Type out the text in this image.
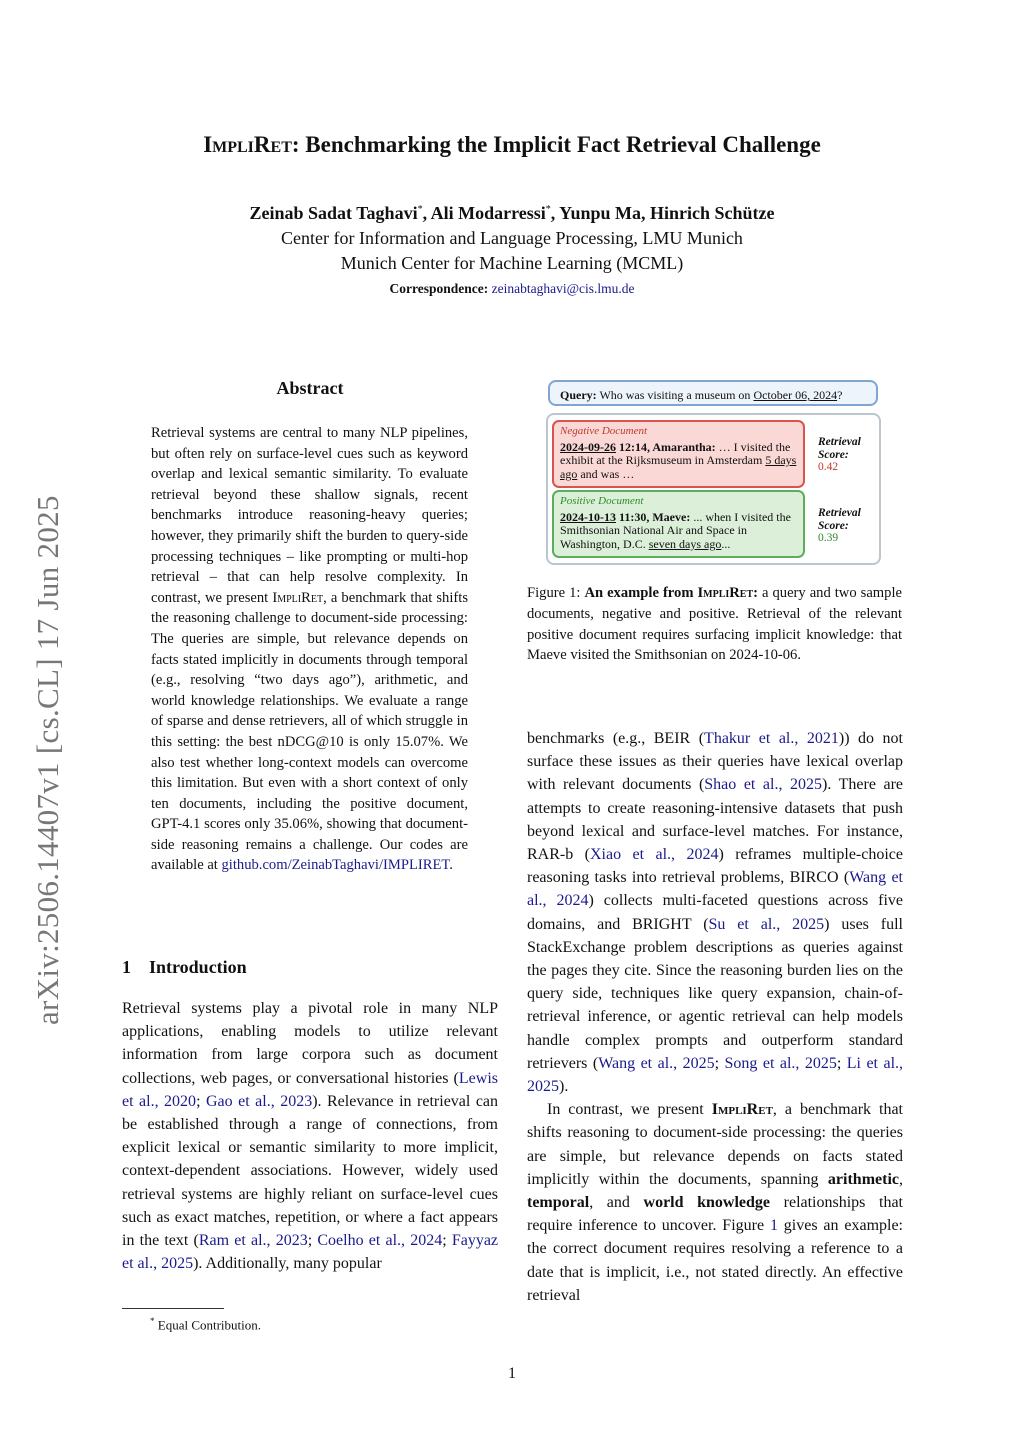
arXiv:2506.14407v1 [cs.CL] 17 Jun 2025
ImpliRet: Benchmarking the Implicit Fact Retrieval Challenge
Zeinab Sadat Taghavi*, Ali Modarressi*, Yunpu Ma, Hinrich Schütze
Center for Information and Language Processing, LMU Munich
Munich Center for Machine Learning (MCML)
Correspondence: zeinabtaghavi@cis.lmu.de
Abstract
Retrieval systems are central to many NLP pipelines, but often rely on surface-level cues such as keyword overlap and lexical semantic similarity. To evaluate retrieval beyond these shallow signals, recent benchmarks introduce reasoning-heavy queries; however, they primarily shift the burden to query-side processing techniques – like prompting or multi-hop retrieval – that can help resolve complexity. In contrast, we present ImpliRet, a benchmark that shifts the reasoning challenge to document-side processing: The queries are simple, but relevance depends on facts stated implicitly in documents through temporal (e.g., resolving “two days ago”), arithmetic, and world knowledge relationships. We evaluate a range of sparse and dense retrievers, all of which struggle in this setting: the best nDCG@10 is only 15.07%. We also test whether long-context models can overcome this limitation. But even with a short context of only ten documents, including the positive document, GPT-4.1 scores only 35.06%, showing that document-side reasoning remains a challenge. Our codes are available at github.com/ZeinabTaghavi/IMPLIRET.
1 Introduction

Retrieval systems play a pivotal role in many NLP applications, enabling models to utilize relevant information from large corpora such as document collections, web pages, or conversational histories (Lewis et al., 2020; Gao et al., 2023). Relevance in retrieval can be established through a range of connections, from explicit lexical or semantic similarity to more implicit, context-dependent associations. However, widely used retrieval systems are highly reliant on surface-level cues such as exact matches, repetition, or where a fact appears in the text (Ram et al., 2023; Coelho et al., 2024; Fayyaz et al., 2025). Additionally, many popular

* Equal Contribution.
Query: Who was visiting a museum on October 06, 2024?
Negative Document
2024-09-26 12:14, Amarantha: … I visited the exhibit at the Rijksmuseum in Amsterdam 5 days ago and was …
Positive Document
2024-10-13 11:30, Maeve: ... when I visited the Smithsonian National Air and Space in Washington, D.C. seven days ago...
Retrieval
Score:
0.42
Retrieval
Score:
0.39
Figure 1: An example from ImpliRet: a query and two sample documents, negative and positive. Retrieval of the relevant positive document requires surfacing implicit knowledge: that Maeve visited the Smithsonian on 2024-10-06.

benchmarks (e.g., BEIR (Thakur et al., 2021)) do not surface these issues as their queries have lexical overlap with relevant documents (Shao et al., 2025). There are attempts to create reasoning-intensive datasets that push beyond lexical and surface-level matches. For instance, RAR-b (Xiao et al., 2024) reframes multiple-choice reasoning tasks into retrieval problems, BIRCO (Wang et al., 2024) collects multi-faceted questions across five domains, and BRIGHT (Su et al., 2025) uses full StackExchange problem descriptions as queries against the pages they cite. Since the reasoning burden lies on the query side, techniques like query expansion, chain-of-retrieval inference, or agentic retrieval can help models handle complex prompts and outperform standard retrievers (Wang et al., 2025; Song et al., 2025; Li et al., 2025).

In contrast, we present ImpliRet, a benchmark that shifts reasoning to document-side processing: the queries are simple, but relevance depends on facts stated implicitly within the documents, spanning arithmetic, temporal, and world knowledge relationships that require inference to uncover. Figure 1 gives an example: the correct document requires resolving a reference to a date that is implicit, i.e., not stated directly. An effective retrieval

1
